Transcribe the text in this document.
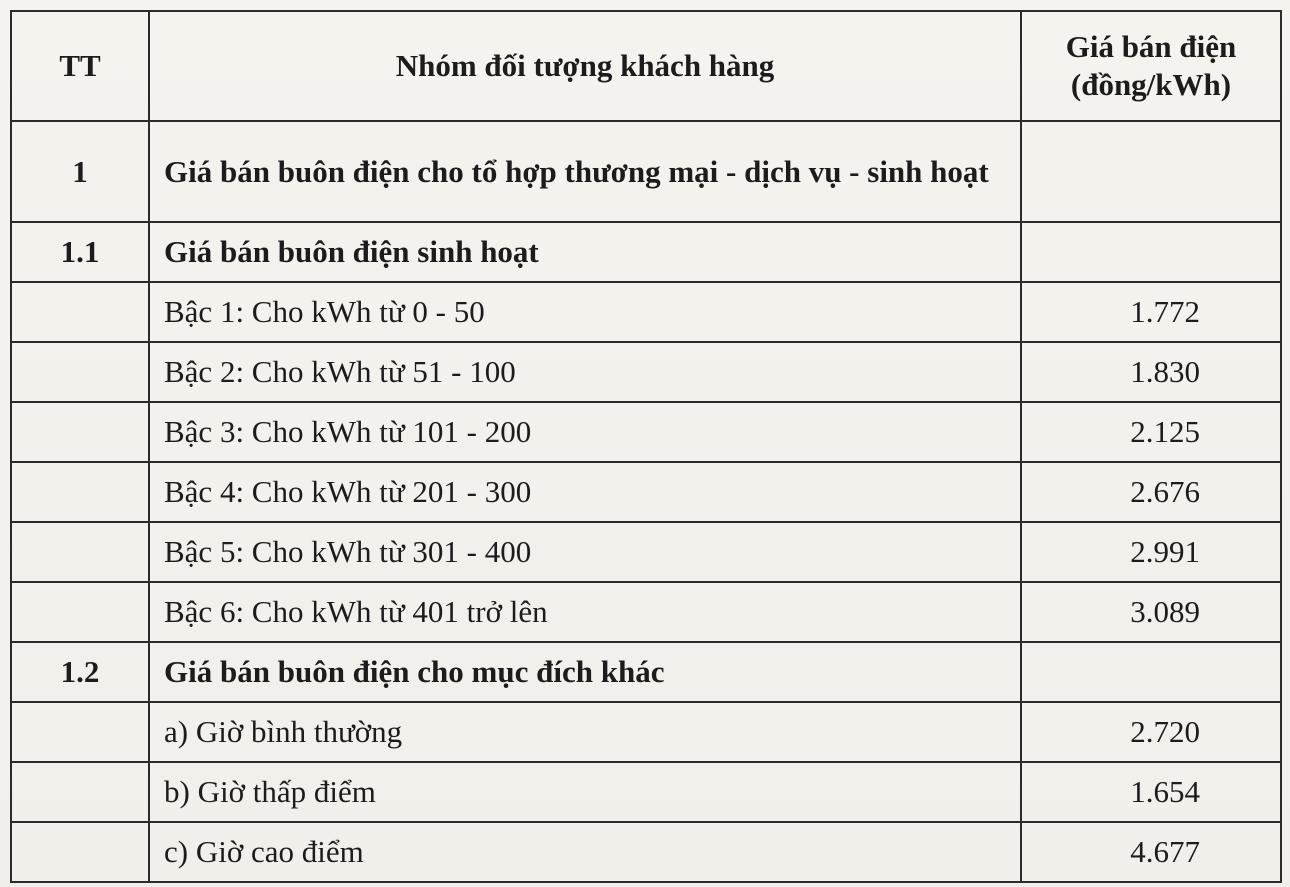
TT	Nhóm đối tượng khách hàng	Giá bán điện
(đồng/kWh)

1	Giá bán buôn điện cho tổ hợp thương mại - dịch vụ - sinh hoạt	
1.1	Giá bán buôn điện sinh hoạt	
	Bậc 1: Cho kWh từ 0 - 50	1.772
	Bậc 2: Cho kWh từ 51 - 100	1.830
	Bậc 3: Cho kWh từ 101 - 200	2.125
	Bậc 4: Cho kWh từ 201 - 300	2.676
	Bậc 5: Cho kWh từ 301 - 400	2.991
	Bậc 6: Cho kWh từ 401 trở lên	3.089
1.2	Giá bán buôn điện cho mục đích khác	
	a) Giờ bình thường	2.720
	b) Giờ thấp điểm	1.654
	c) Giờ cao điểm	4.677
